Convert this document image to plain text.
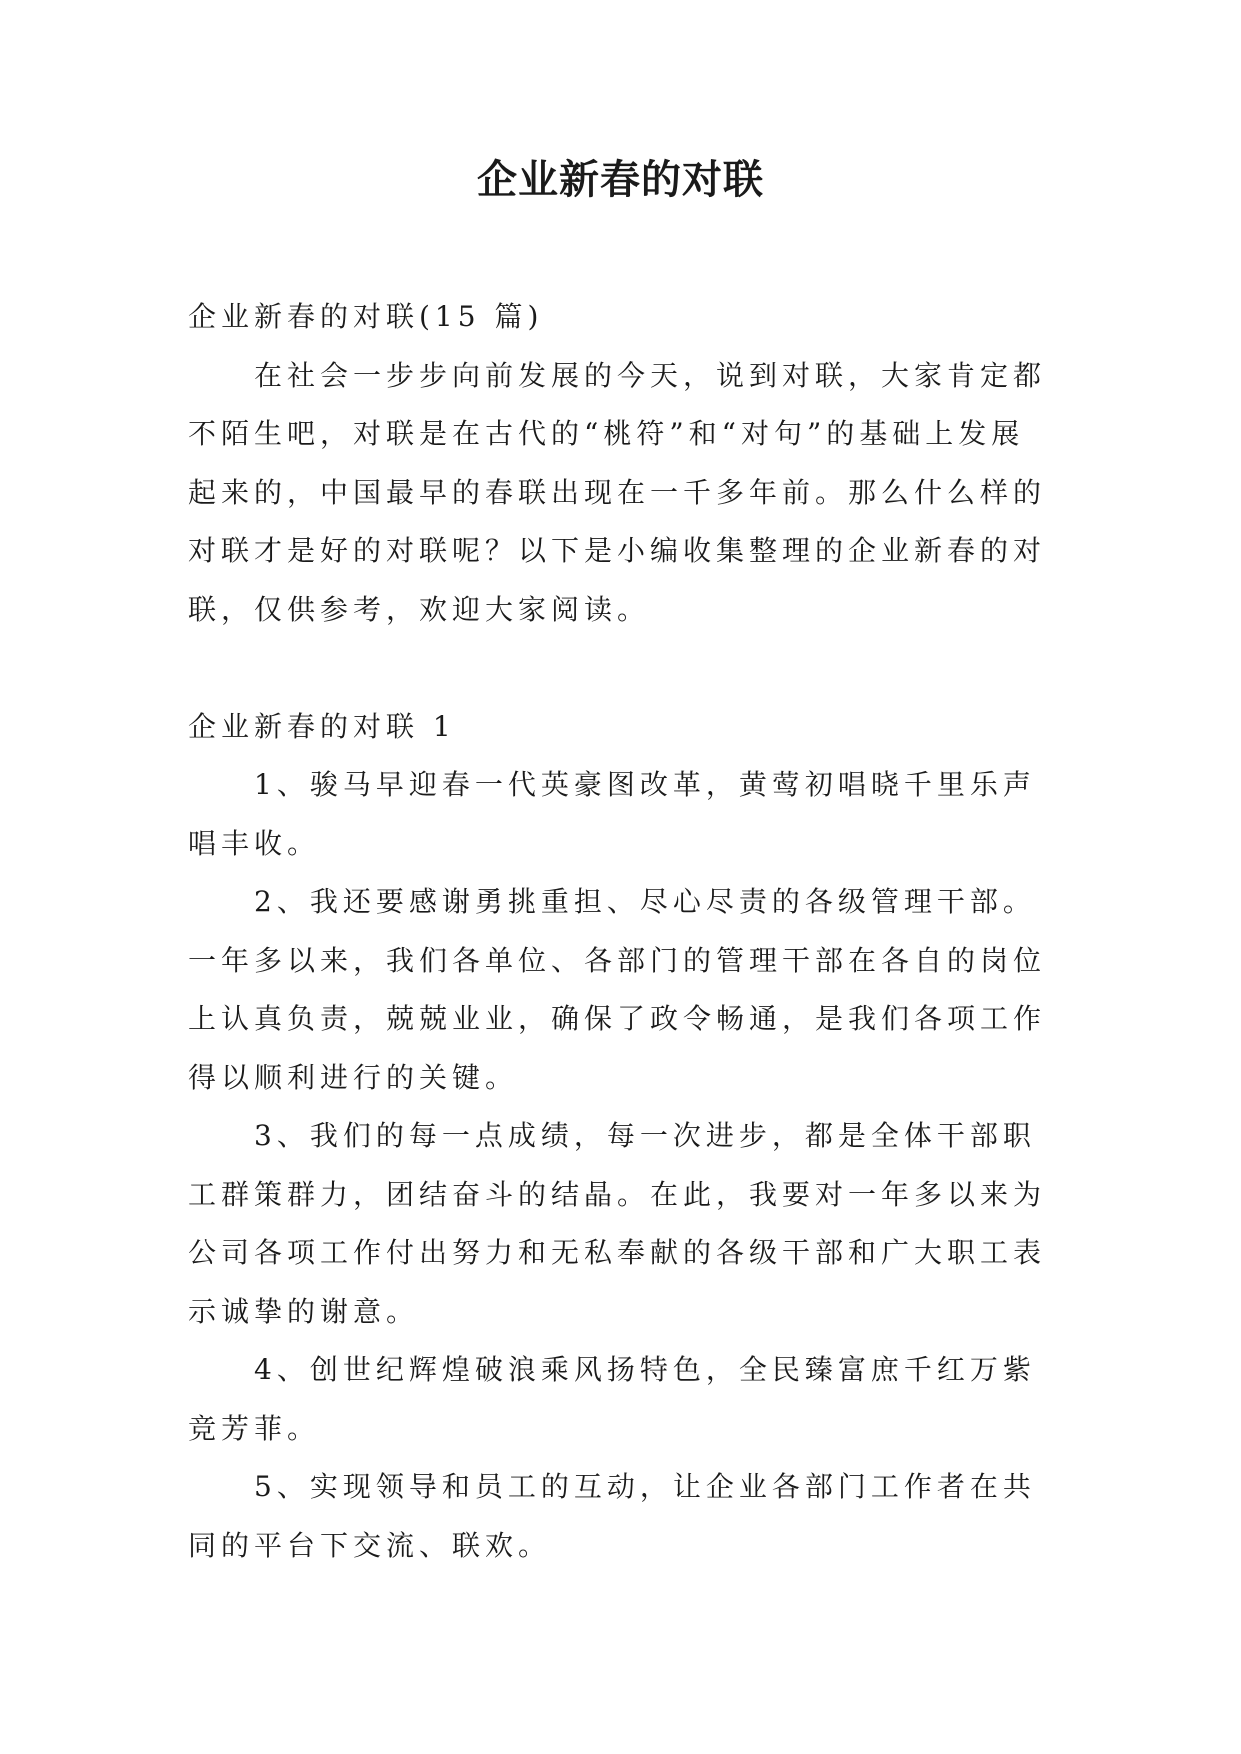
企业新春的对联

企业新春的对联(15 篇)

在社会一步步向前发展的今天，说到对联，大家肯定都不陌生吧，对联是在古代的“桃符”和“对句”的基础上发展起来的，中国最早的春联出现在一千多年前。那么什么样的对联才是好的对联呢？以下是小编收集整理的企业新春的对联，仅供参考，欢迎大家阅读。

企业新春的对联 1

1、骏马早迎春一代英豪图改革，黄莺初唱晓千里乐声唱丰收。

2、我还要感谢勇挑重担、尽心尽责的各级管理干部。一年多以来，我们各单位、各部门的管理干部在各自的岗位上认真负责，兢兢业业，确保了政令畅通，是我们各项工作得以顺利进行的关键。

3、我们的每一点成绩，每一次进步，都是全体干部职工群策群力，团结奋斗的结晶。在此，我要对一年多以来为公司各项工作付出努力和无私奉献的各级干部和广大职工表示诚挚的谢意。

4、创世纪辉煌破浪乘风扬特色，全民臻富庶千红万紫竞芳菲。

5、实现领导和员工的互动，让企业各部门工作者在共同的平台下交流、联欢。
